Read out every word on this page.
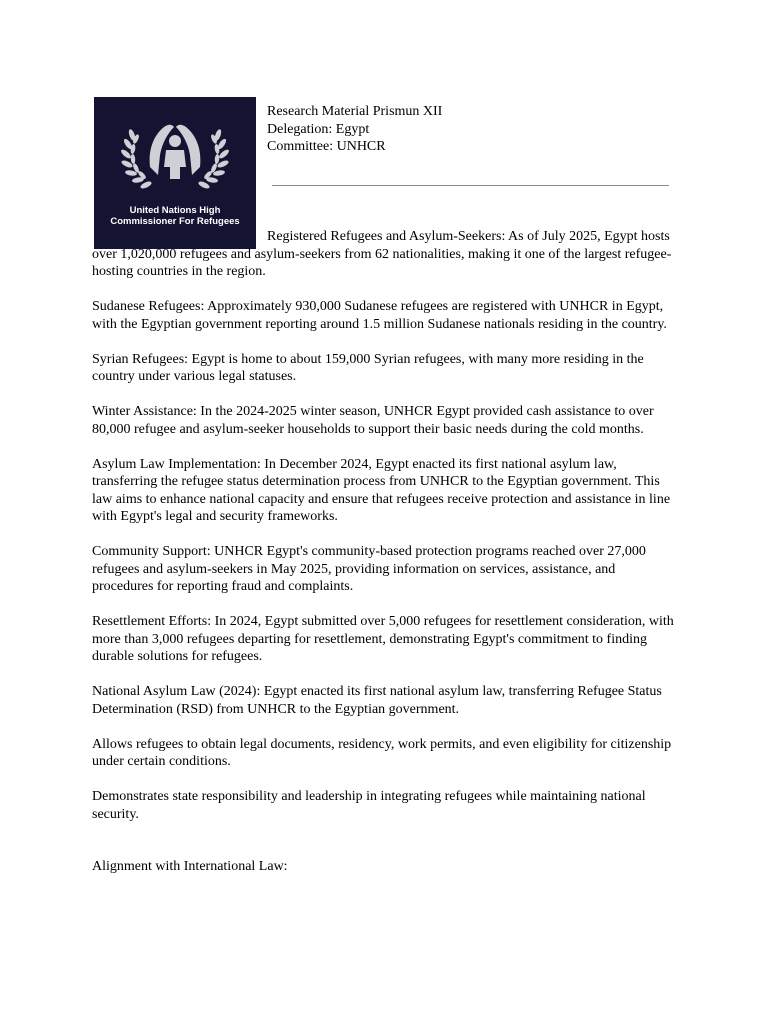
United Nations High
Commissioner For Refugees
Research Material Prismun XII
Delegation: Egypt
Committee: UNHCR

Registered Refugees and Asylum-Seekers: As of July 2025, Egypt hosts over 1,020,000 refugees and asylum-seekers from 62 nationalities, making it one of the largest refugee-hosting countries in the region.

Sudanese Refugees: Approximately 930,000 Sudanese refugees are registered with UNHCR in Egypt, with the Egyptian government reporting around 1.5 million Sudanese nationals residing in the country.

Syrian Refugees: Egypt is home to about 159,000 Syrian refugees, with many more residing in the country under various legal statuses.

Winter Assistance: In the 2024-2025 winter season, UNHCR Egypt provided cash assistance to over 80,000 refugee and asylum-seeker households to support their basic needs during the cold months.

Asylum Law Implementation: In December 2024, Egypt enacted its first national asylum law, transferring the refugee status determination process from UNHCR to the Egyptian government. This law aims to enhance national capacity and ensure that refugees receive protection and assistance in line with Egypt's legal and security frameworks.

Community Support: UNHCR Egypt's community-based protection programs reached over 27,000 refugees and asylum-seekers in May 2025, providing information on services, assistance, and procedures for reporting fraud and complaints.

Resettlement Efforts: In 2024, Egypt submitted over 5,000 refugees for resettlement consideration, with more than 3,000 refugees departing for resettlement, demonstrating Egypt's commitment to finding durable solutions for refugees.

National Asylum Law (2024): Egypt enacted its first national asylum law, transferring Refugee Status Determination (RSD) from UNHCR to the Egyptian government.

Allows refugees to obtain legal documents, residency, work permits, and even eligibility for citizenship under certain conditions.

Demonstrates state responsibility and leadership in integrating refugees while maintaining national security.

Alignment with International Law:
